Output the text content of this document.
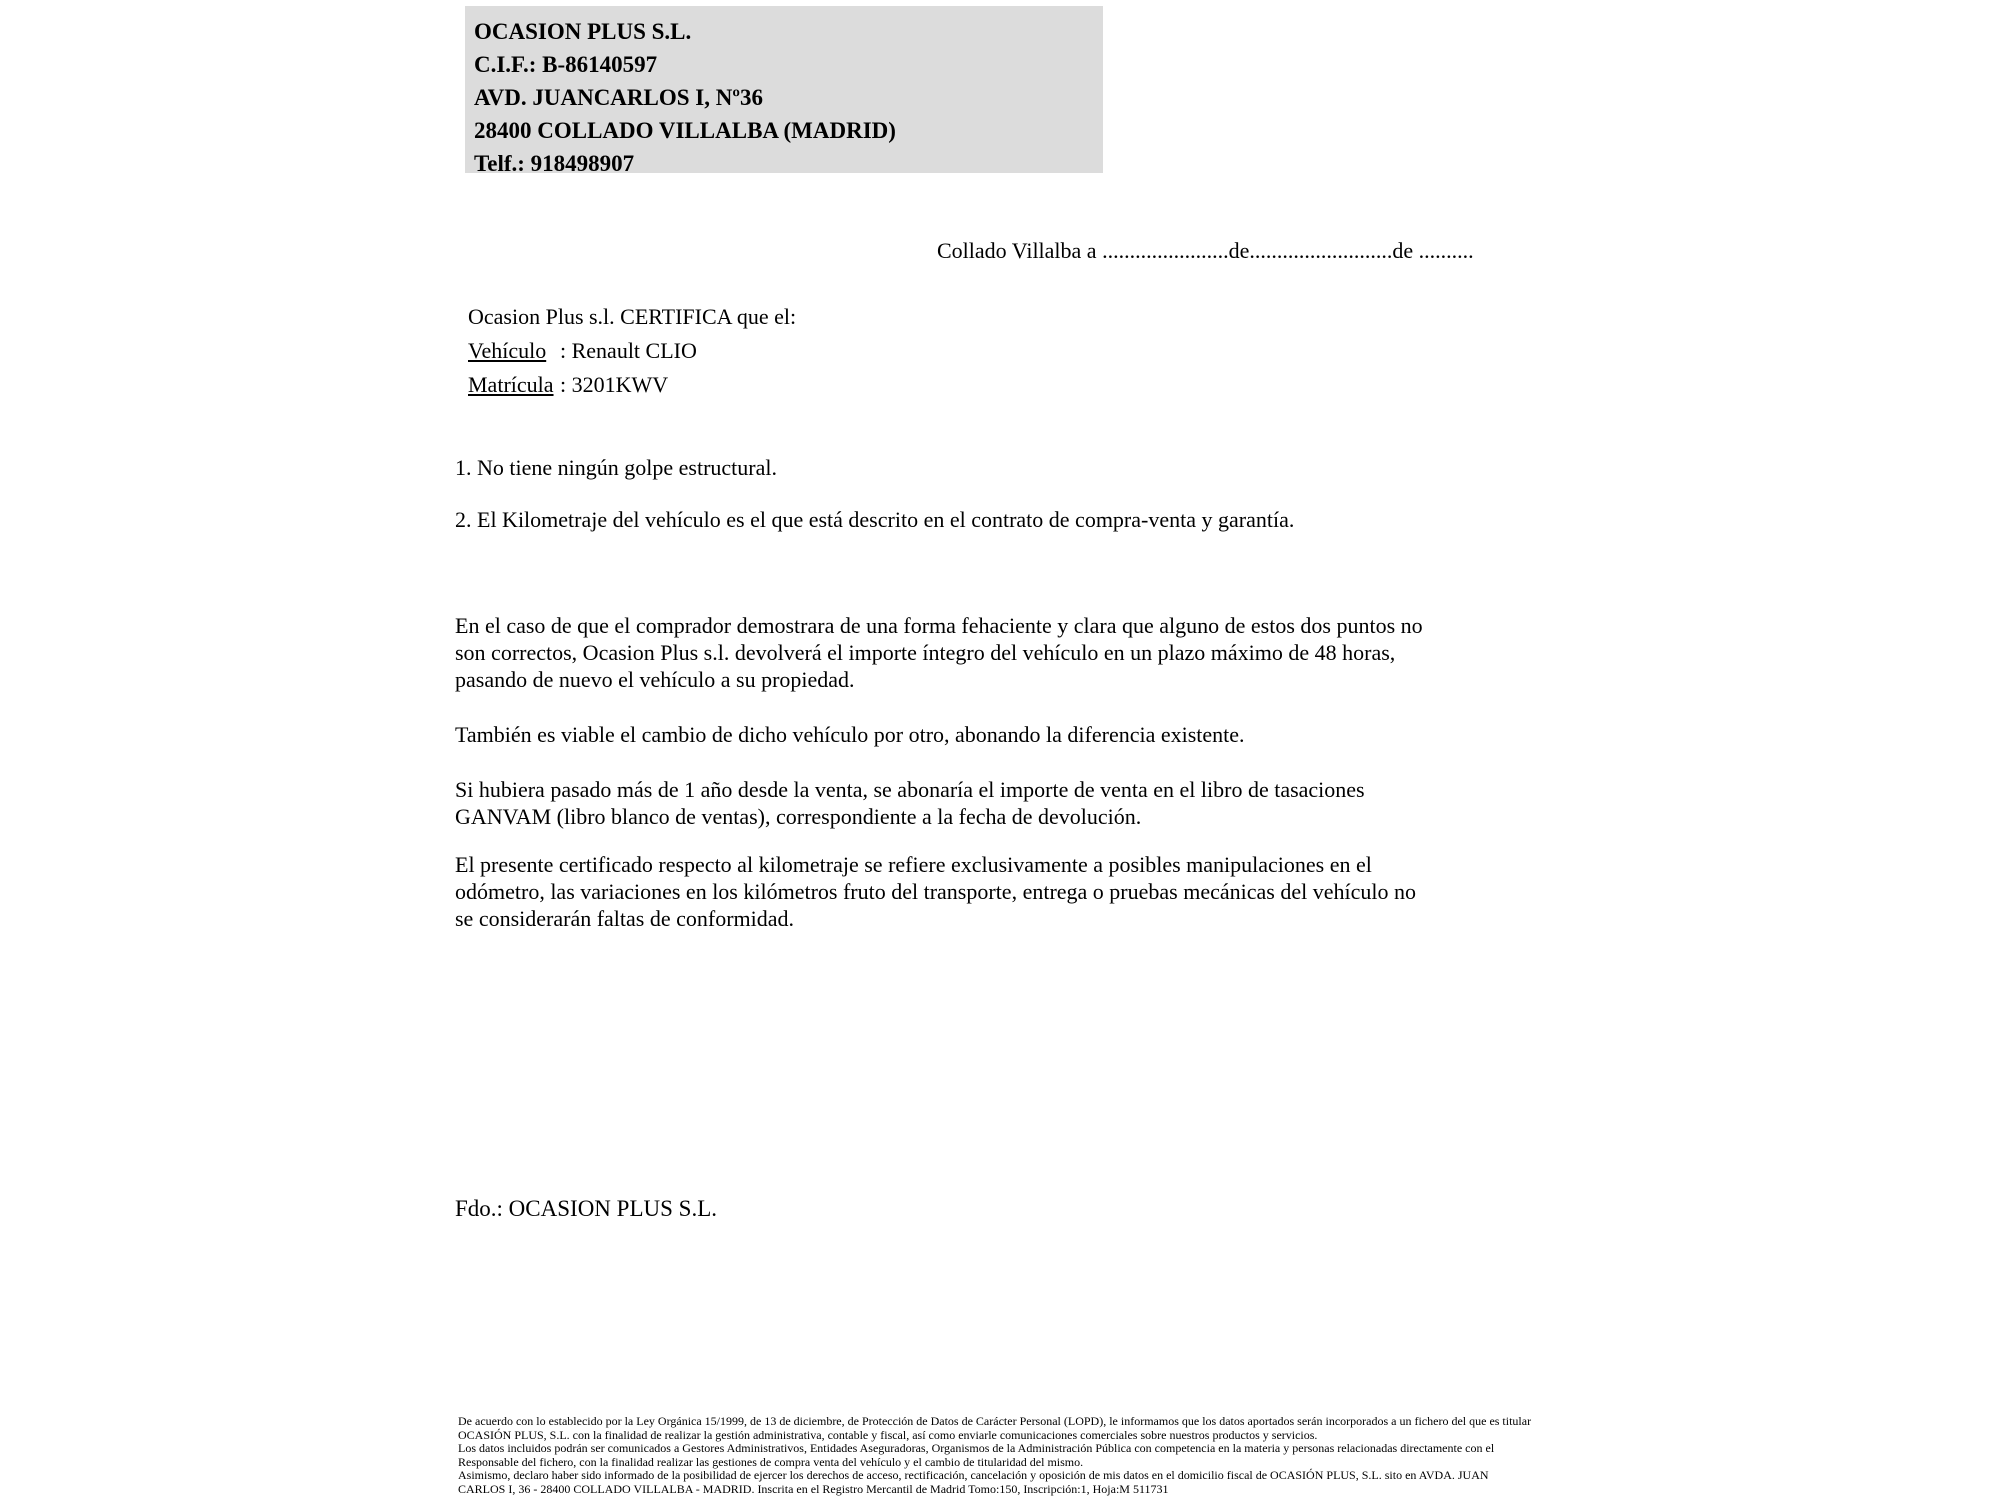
OCASION PLUS S.L.
C.I.F.: B-86140597
AVD. JUANCARLOS I, Nº36
28400 COLLADO VILLALBA (MADRID)
Telf.: 918498907
Collado Villalba a .......................de..........................de ..........
Ocasion Plus s.l. CERTIFICA que el:
Vehículo : Renault CLIO
Matrícula : 3201KWV
1. No tiene ningún golpe estructural.
2. El Kilometraje del vehículo es el que está descrito en el contrato de compra-venta y garantía.
En el caso de que el comprador demostrara de una forma fehaciente y clara que alguno de estos dos puntos no
son correctos, Ocasion Plus s.l. devolverá el importe íntegro del vehículo en un plazo máximo de 48 horas,
pasando de nuevo el vehículo a su propiedad.
También es viable el cambio de dicho vehículo por otro, abonando la diferencia existente.
Si hubiera pasado más de 1 año desde la venta, se abonaría el importe de venta en el libro de tasaciones
GANVAM (libro blanco de ventas), correspondiente a la fecha de devolución.
El presente certificado respecto al kilometraje se refiere exclusivamente a posibles manipulaciones en el
odómetro, las variaciones en los kilómetros fruto del transporte, entrega o pruebas mecánicas del vehículo no
se considerarán faltas de conformidad.
Fdo.: OCASION PLUS S.L.
De acuerdo con lo establecido por la Ley Orgánica 15/1999, de 13 de diciembre, de Protección de Datos de Carácter Personal (LOPD), le informamos que los datos aportados serán incorporados a un fichero del que es titular
OCASIÓN PLUS, S.L. con la finalidad de realizar la gestión administrativa, contable y fiscal, así como enviarle comunicaciones comerciales sobre nuestros productos y servicios.
Los datos incluidos podrán ser comunicados a Gestores Administrativos, Entidades Aseguradoras, Organismos de la Administración Pública con competencia en la materia y personas relacionadas directamente con el
Responsable del fichero, con la finalidad realizar las gestiones de compra venta del vehículo y el cambio de titularidad del mismo.
Asimismo, declaro haber sido informado de la posibilidad de ejercer los derechos de acceso, rectificación, cancelación y oposición de mis datos en el domicilio fiscal de OCASIÓN PLUS, S.L. sito en AVDA. JUAN
CARLOS I, 36 - 28400 COLLADO VILLALBA - MADRID. Inscrita en el Registro Mercantil de Madrid Tomo:150, Inscripción:1, Hoja:M 511731
